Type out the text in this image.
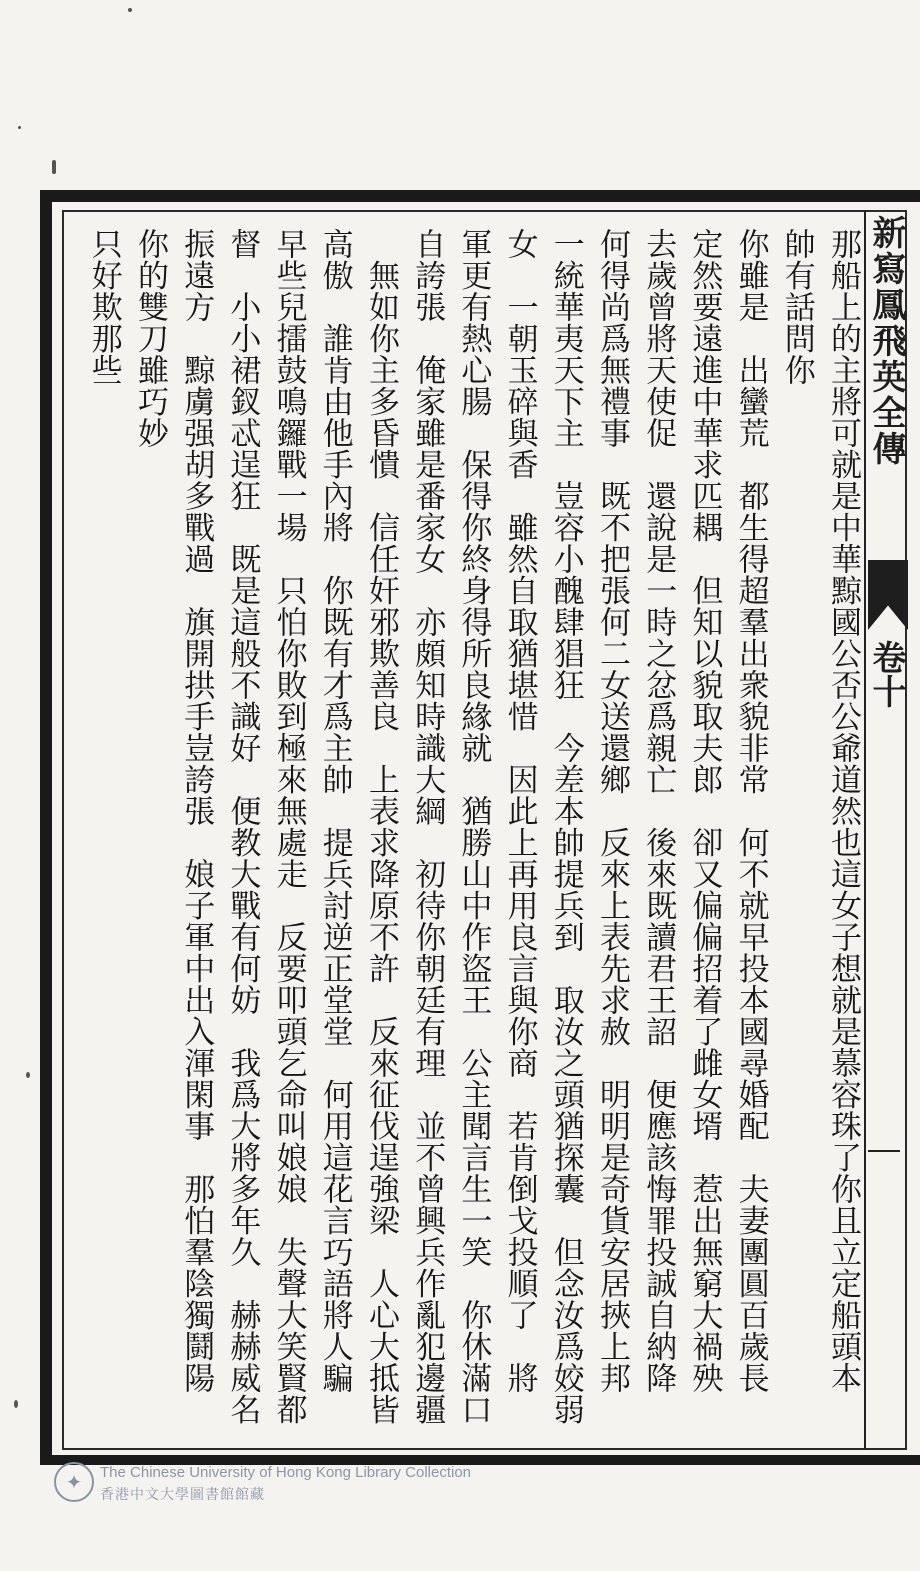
新寫鳳飛英全傳
卷十
那船上的主將可就是中華黥國公否公爺道然也這女子想就是慕容珠了你且立定船頭本
帥有話問你
你雖是　出蠻荒　都生得超羣出衆貌非常　何不就早投本國尋婚配　夫妻團圓百歲長
定然要遠進中華求匹耦　但知以貌取夫郎　卻又偏偏招着了雌女壻　惹出無窮大禍殃
去歲曾將天使促　還說是一時之忿爲親亡　後來既讀君王詔　便應該悔罪投誠自納降
何得尚爲無禮事　既不把張何二女送還鄉　反來上表先求赦　明明是奇貨安居挾上邦
一統華夷天下主　豈容小醜肆猖狂　今差本帥提兵到　取汝之頭猶探囊　但念汝爲姣弱
女　一朝玉碎與香　雖然自取猶堪惜　因此上再用良言與你商　若肯倒戈投順了　將
軍更有熱心腸　保得你終身得所良緣就　猶勝山中作盜王　公主聞言生一笑　你休滿口
自誇張　俺家雖是番家女　亦頗知時識大綱　初待你朝廷有理　並不曾興兵作亂犯邊疆
　無如你主多昏憒　信任奸邪欺善良　上表求降原不許　反來征伐逞強梁　人心大抵皆
高傲　誰肯由他手內將　你既有才爲主帥　提兵討逆正堂堂　何用這花言巧語將人騙
早些兒擂鼓鳴鑼戰一場　只怕你敗到極來無處走　反要叩頭乞命叫娘娘　失聲大笑賢都
督　小小裙釵忒逞狂　既是這般不識好　便教大戰有何妨　我爲大將多年久　赫赫威名
振遠方　黥虜强胡多戰過　旗開拱手豈誇張　娘子軍中出入渾閑事　那怕羣陰獨鬪陽
你的雙刀雖巧妙
只好欺那些
✦	The Chinese University of Hong Kong Library Collection
香港中文大學圖書館館藏
